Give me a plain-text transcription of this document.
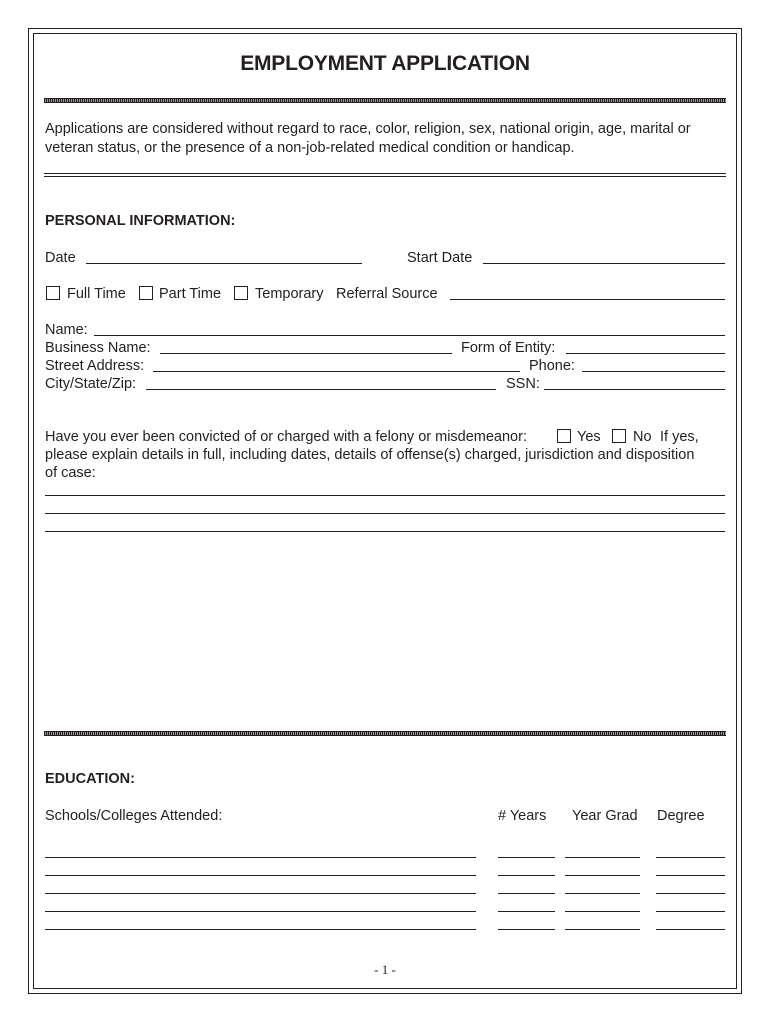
EMPLOYMENT APPLICATION
Applications are considered without regard to race, color, religion, sex, national origin, age, marital or veteran status, or the presence of a non-job-related medical condition or handicap.
PERSONAL INFORMATION:
Date	Start Date
Full Time Part Time Temporary Referral Source
Name:
Business Name:	Form of Entity:
Street Address:	Phone:
City/State/Zip:	SSN:
Have you ever been convicted of or charged with a felony or misdemeanor:	Yes No If yes,
please explain details in full, including dates, details of offense(s) charged, jurisdiction and disposition
of case:
EDUCATION:
Schools/Colleges Attended:	# Years Year Grad Degree
- 1 -
